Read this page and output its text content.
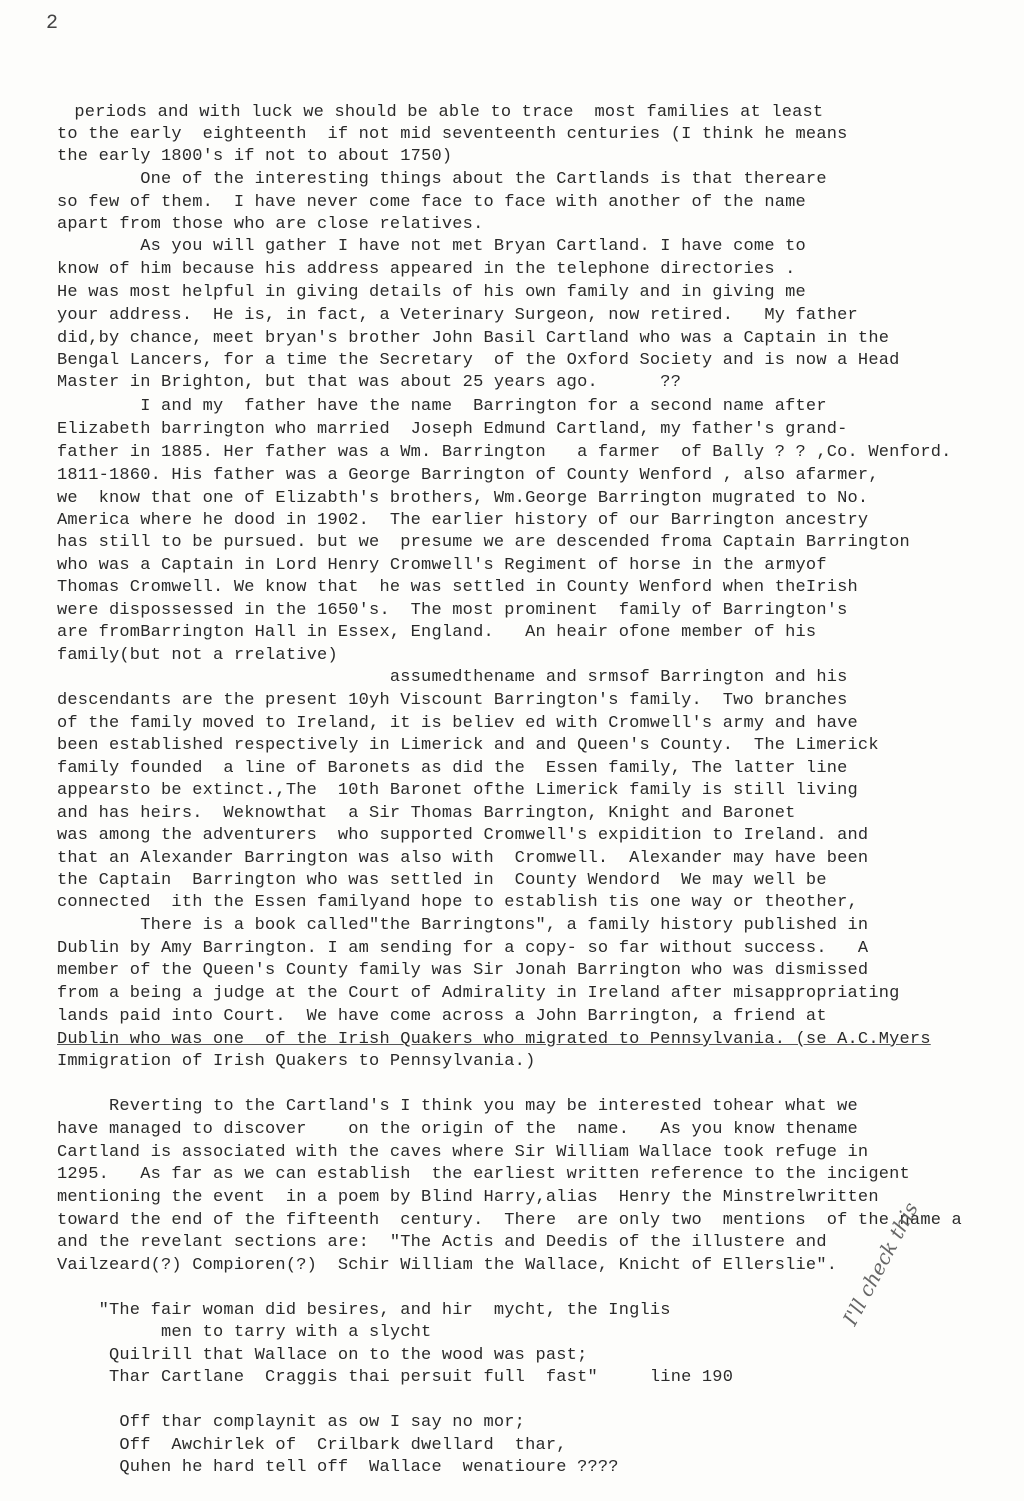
2
periods and with luck we should be able to trace  most families at least
to the early  eighteenth  if not mid seventeenth centuries (I think he means
the early 1800's if not to about 1750)
One of the interesting things about the Cartlands is that thereare
so few of them.  I have never come face to face with another of the name
apart from those who are close relatives.
As you will gather I have not met Bryan Cartland. I have come to
know of him because his address appeared in the telephone directories .
He was most helpful in giving details of his own family and in giving me
your address.  He is, in fact, a Veterinary Surgeon, now retired.   My father
did,by chance, meet bryan's brother John Basil Cartland who was a Captain in the
Bengal Lancers, for a time the Secretary  of the Oxford Society and is now a Head
Master in Brighton, but that was about 25 years ago.      ??
I and my  father have the name  Barrington for a second name after
Elizabeth barrington who married  Joseph Edmund Cartland, my father's grand-
father in 1885. Her father was a Wm. Barrington   a farmer  of Bally ? ? ,Co. Wenford.
1811-1860. His father was a George Barrington of County Wenford , also afarmer,
we  know that one of Elizabth's brothers, Wm.George Barrington mugrated to No.
America where he dood in 1902.  The earlier history of our Barrington ancestry
has still to be pursued. but we  presume we are descended froma Captain Barrington
who was a Captain in Lord Henry Cromwell's Regiment of horse in the armyof
Thomas Cromwell. We know that  he was settled in County Wenford when theIrish
were dispossessed in the 1650's.  The most prominent  family of Barrington's
are fromBarrington Hall in Essex, England.   An heair ofone member of his
family(but not a rrelative)
assumedthename and srmsof Barrington and his
descendants are the present 10yh Viscount Barrington's family.  Two branches
of the family moved to Ireland, it is believ ed with Cromwell's army and have
been established respectively in Limerick and and Queen's County.  The Limerick
family founded  a line of Baronets as did the  Essen family, The latter line
appearsto be extinct.,The  10th Baronet ofthe Limerick family is still living
and has heirs.  Weknowthat  a Sir Thomas Barrington, Knight and Baronet
was among the adventurers  who supported Cromwell's expidition to Ireland. and
that an Alexander Barrington was also with  Cromwell.  Alexander may have been
the Captain  Barrington who was settled in  County Wendord  We may well be
connected  ith the Essen familyand hope to establish tis one way or theother,
There is a book called"the Barringtons", a family history published in
Dublin by Amy Barrington. I am sending for a copy- so far without success.   A
member of the Queen's County family was Sir Jonah Barrington who was dismissed
from a being a judge at the Court of Admirality in Ireland after misappropriating
lands paid into Court.  We have come across a John Barrington, a friend at
Dublin who was one  of the Irish Quakers who migrated to Pennsylvania. (se A.C.Myers
Immigration of Irish Quakers to Pennsylvania.)
Reverting to the Cartland's I think you may be interested tohear what we
have managed to discover    on the origin of the  name.   As you know thename
Cartland is associated with the caves where Sir William Wallace took refuge in
1295.   As far as we can establish  the earliest written reference to the incigent
mentioning the event  in a poem by Blind Harry,alias  Henry the Minstrelwritten
toward the end of the fifteenth  century.  There  are only two  mentions  of the name a
and the revelant sections are:  "The Actis and Deedis of the illustere and
Vailzeard(?) Compioren(?)  Schir William the Wallace, Knicht of Ellerslie".
"The fair woman did besires, and hir  mycht, the Inglis
men to tarry with a slycht
Quilrill that Wallace on to the wood was past;
Thar Cartlane  Craggis thai persuit full  fast"     line 190
Off thar complaynit as ow I say no mor;
Off  Awchirlek of  Crilbark dwellard  thar,
Quhen he hard tell off  Wallace  wenatioure ????
I'll check this
